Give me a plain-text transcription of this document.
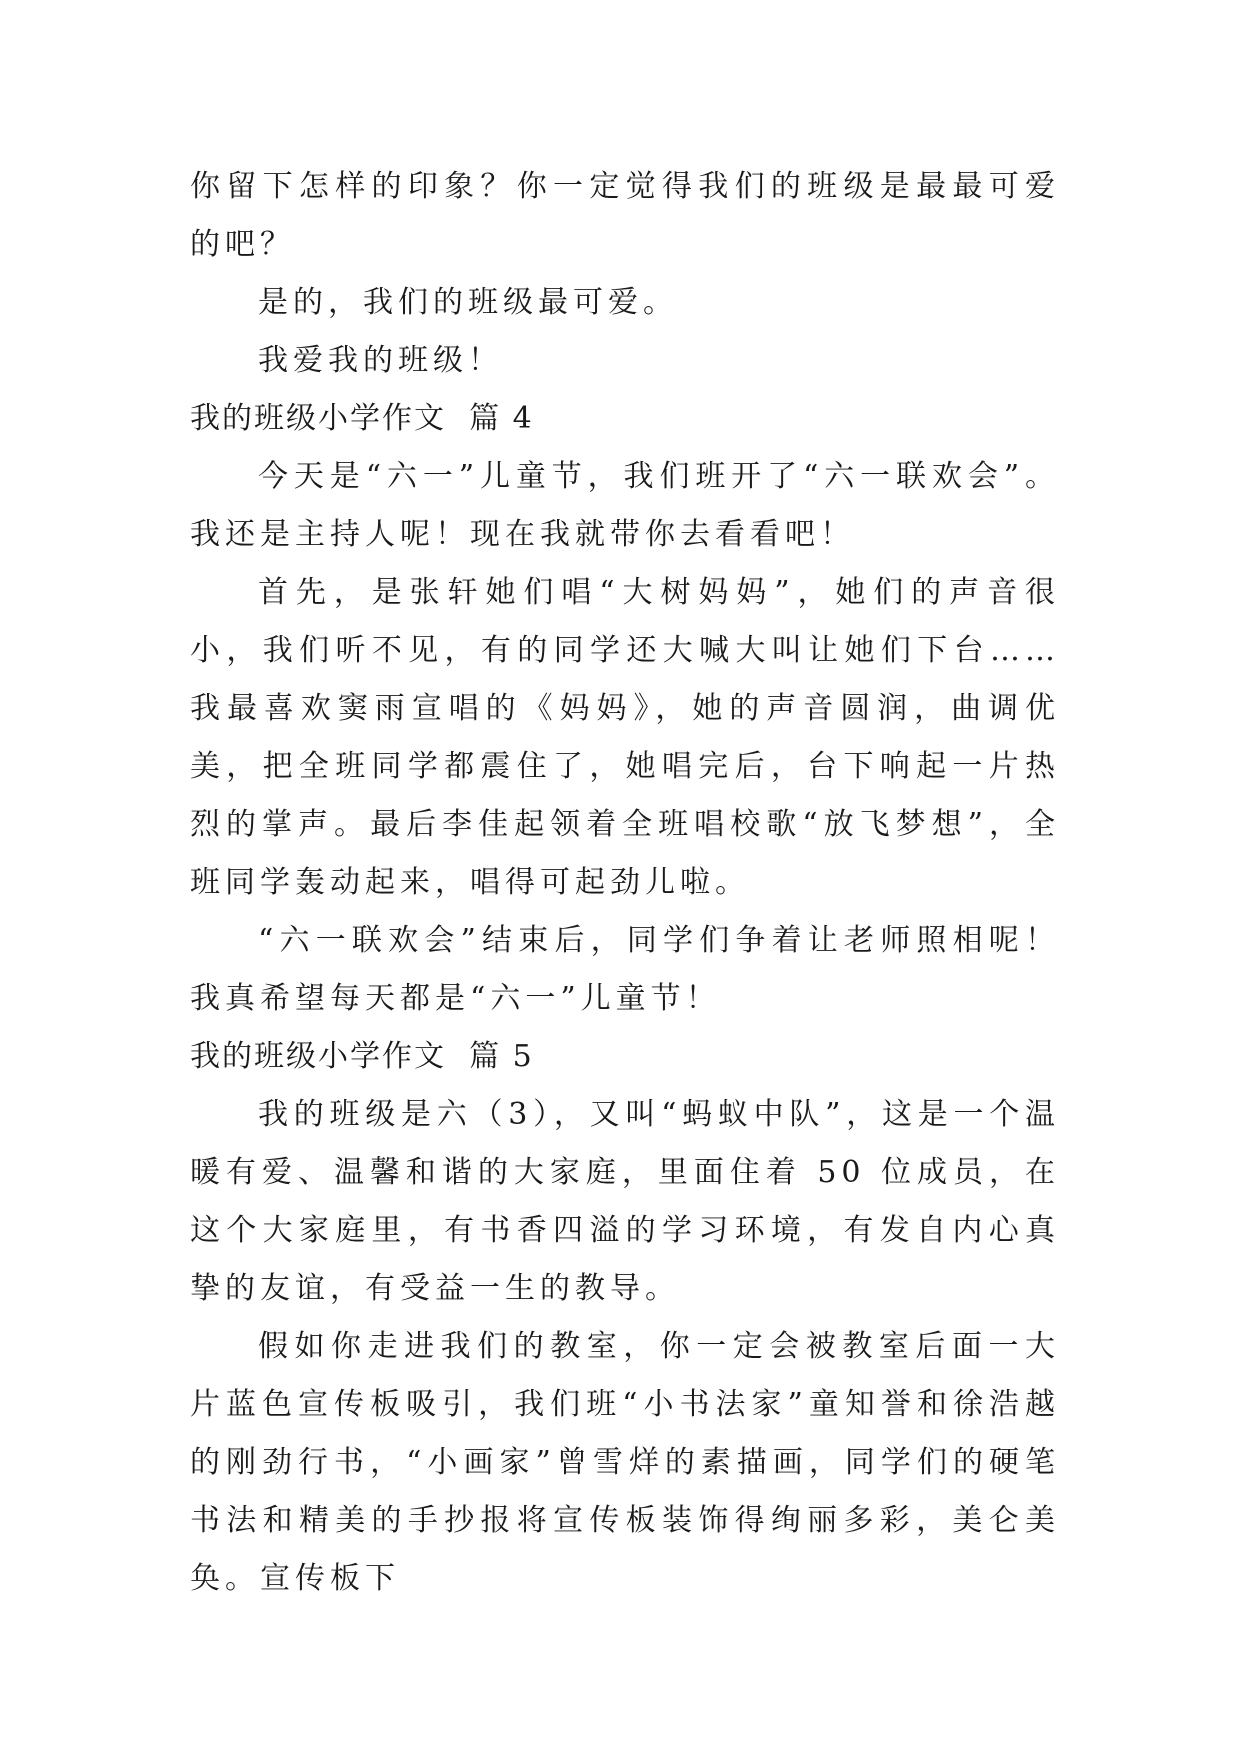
你留下怎样的印象？你一定觉得我们的班级是最最可爱的吧？

是的，我们的班级最可爱。

我爱我的班级！

我的班级小学作文  篇 4

今天是“六一”儿童节，我们班开了“六一联欢会”。我还是主持人呢！现在我就带你去看看吧！

首先，是张轩她们唱“大树妈妈”，她们的声音很小，我们听不见，有的同学还大喊大叫让她们下台……我最喜欢窦雨宣唱的《妈妈》，她的声音圆润，曲调优美，把全班同学都震住了，她唱完后，台下响起一片热烈的掌声。最后李佳起领着全班唱校歌“放飞梦想”，全班同学轰动起来，唱得可起劲儿啦。

“六一联欢会”结束后，同学们争着让老师照相呢！我真希望每天都是“六一”儿童节！

我的班级小学作文  篇 5

我的班级是六（3），又叫“蚂蚁中队”，这是一个温暖有爱、温馨和谐的大家庭，里面住着 50 位成员，在这个大家庭里，有书香四溢的学习环境，有发自内心真挚的友谊，有受益一生的教导。

假如你走进我们的教室，你一定会被教室后面一大片蓝色宣传板吸引，我们班“小书法家”童知誉和徐浩越的刚劲行书，“小画家”曾雪烊的素描画，同学们的硬笔书法和精美的手抄报将宣传板装饰得绚丽多彩，美仑美奂。宣传板下
